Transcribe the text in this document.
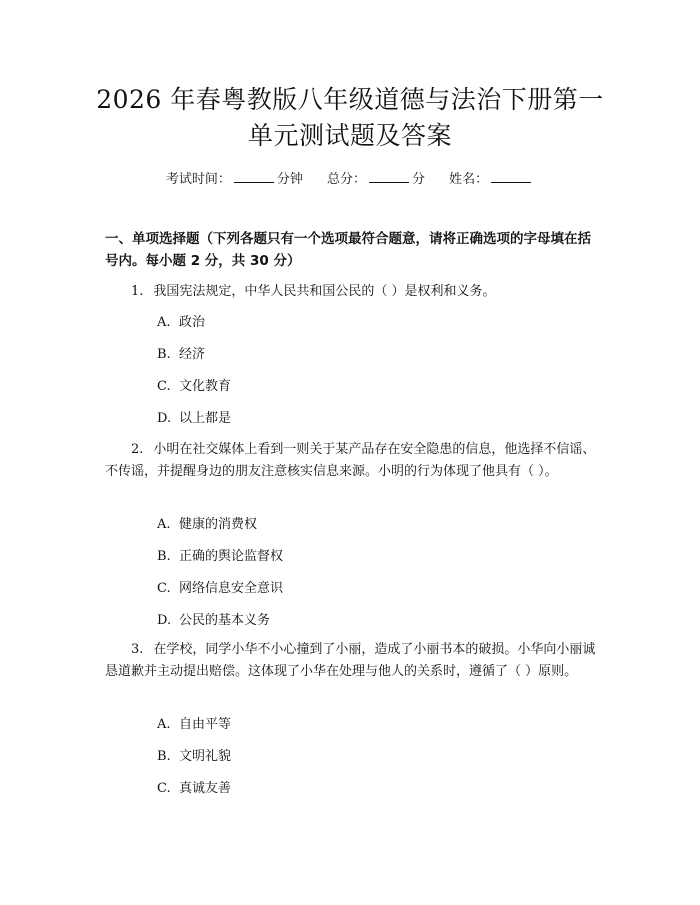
2026 年春粤教版八年级道德与法治下册第一
单元测试题及答案
考试时间：	分钟 总分：	分 姓名：
一、单项选择题（下列各题只有一个选项最符合题意，请将正确选项的字母填在括号内。每小题 2 分，共 30 分）
1. 我国宪法规定，中华人民共和国公民的（ ）是权利和义务。
A. 政治
B. 经济
C. 文化教育
D. 以上都是
2. 小明在社交媒体上看到一则关于某产品存在安全隐患的信息，他选择不信谣、不传谣，并提醒身边的朋友注意核实信息来源。小明的行为体现了他具有（ ）。
A. 健康的消费权
B. 正确的舆论监督权
C. 网络信息安全意识
D. 公民的基本义务
3. 在学校，同学小华不小心撞到了小丽，造成了小丽书本的破损。小华向小丽诚恳道歉并主动提出赔偿。这体现了小华在处理与他人的关系时，遵循了（ ）原则。
A. 自由平等
B. 文明礼貌
C. 真诚友善
